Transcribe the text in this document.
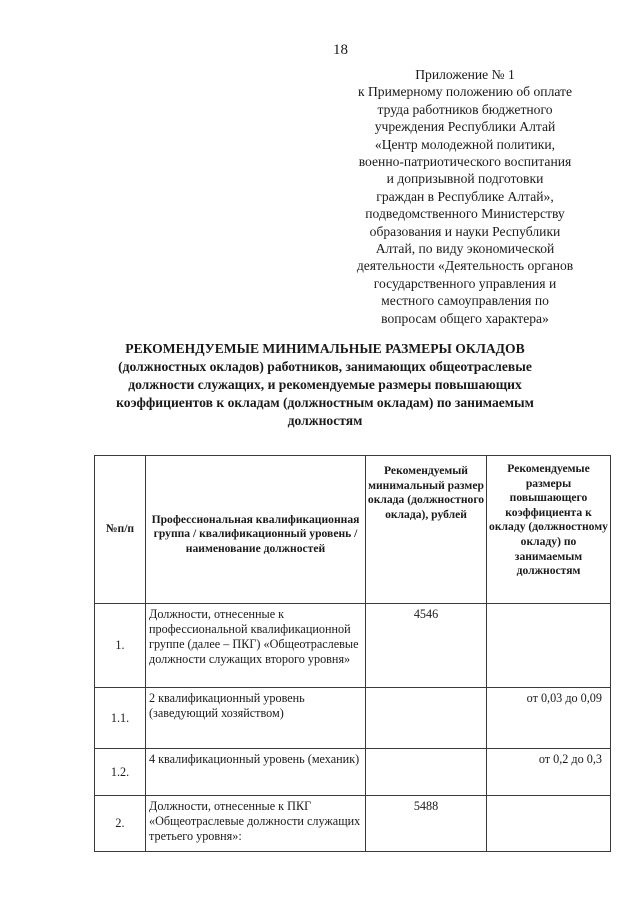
18
Приложение № 1
к Примерному положению об оплате
труда работников бюджетного
учреждения Республики Алтай
«Центр молодежной политики,
военно-патриотического воспитания
и допризывной подготовки
граждан в Республике Алтай»,
подведомственного Министерству
образования и науки Республики
Алтай, по виду экономической
деятельности «Деятельность органов
государственного управления и
местного самоуправления по
вопросам общего характера»
РЕКОМЕНДУЕМЫЕ МИНИМАЛЬНЫЕ РАЗМЕРЫ ОКЛАДОВ
(должностных окладов) работников, занимающих общеотраслевые
должности служащих, и рекомендуемые размеры повышающих
коэффициентов к окладам (должностным окладам) по занимаемым
должностям
№п/п	Профессиональная квалификационная группа / квалификационный уровень / наименование должностей	Рекомендуемый минимальный размер оклада (должностного оклада), рублей	Рекомендуемые размеры повышающего коэффициента к окладу (должностному окладу) по занимаемым должностям
1.	Должности, отнесенные к профессиональной квалификационной группе (далее – ПКГ) «Общеотраслевые должности служащих второго уровня»	4546	
1.1.	2 квалификационный уровень (заведующий хозяйством)		от 0,03 до 0,09
1.2.	4 квалификационный уровень (механик)		от 0,2 до 0,3
2.	Должности, отнесенные к ПКГ «Общеотраслевые должности служащих третьего уровня»:	5488	
